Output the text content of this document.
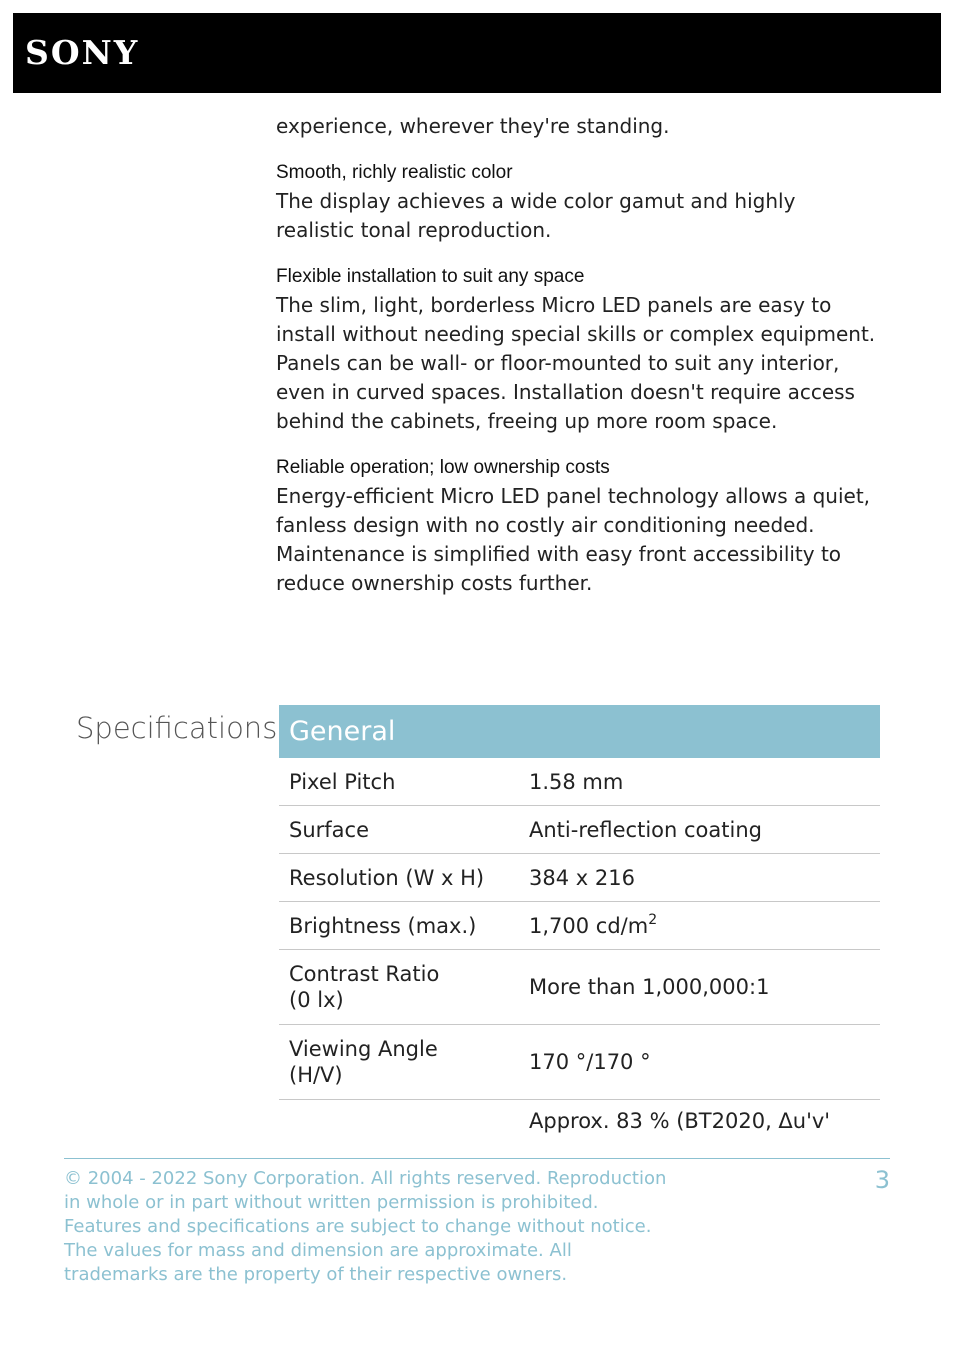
SONY

experience, wherever they're standing.

Smooth, richly realistic color

The display achieves a wide color gamut and highly realistic tonal reproduction.

Flexible installation to suit any space

The slim, light, borderless Micro LED panels are easy to install without needing special skills or complex equipment. Panels can be wall- or floor-mounted to suit any interior, even in curved spaces. Installation doesn't require access behind the cabinets, freeing up more room space.

Reliable operation; low ownership costs

Energy-efficient Micro LED panel technology allows a quiet, fanless design with no costly air conditioning needed. Maintenance is simplified with easy front accessibility to reduce ownership costs further.

Specifications General	
Pixel Pitch	1.58 mm
Surface	Anti-reflection coating
Resolution (W x H)	384 x 216
Brightness (max.)	1,700 $cd/m^2$
Contrast Ratio
(0 lx)	More than 1,000,000:1
Viewing Angle
(H/V)	170 °/170 °
	Approx. 83 % (BT2020, Δu'v'
© 2004 - 2022 Sony Corporation. All rights reserved. Reproduction in whole or in part without written permission is prohibited. Features and specifications are subject to change without notice. The values for mass and dimension are approximate. All trademarks are the property of their respective owners.
3
